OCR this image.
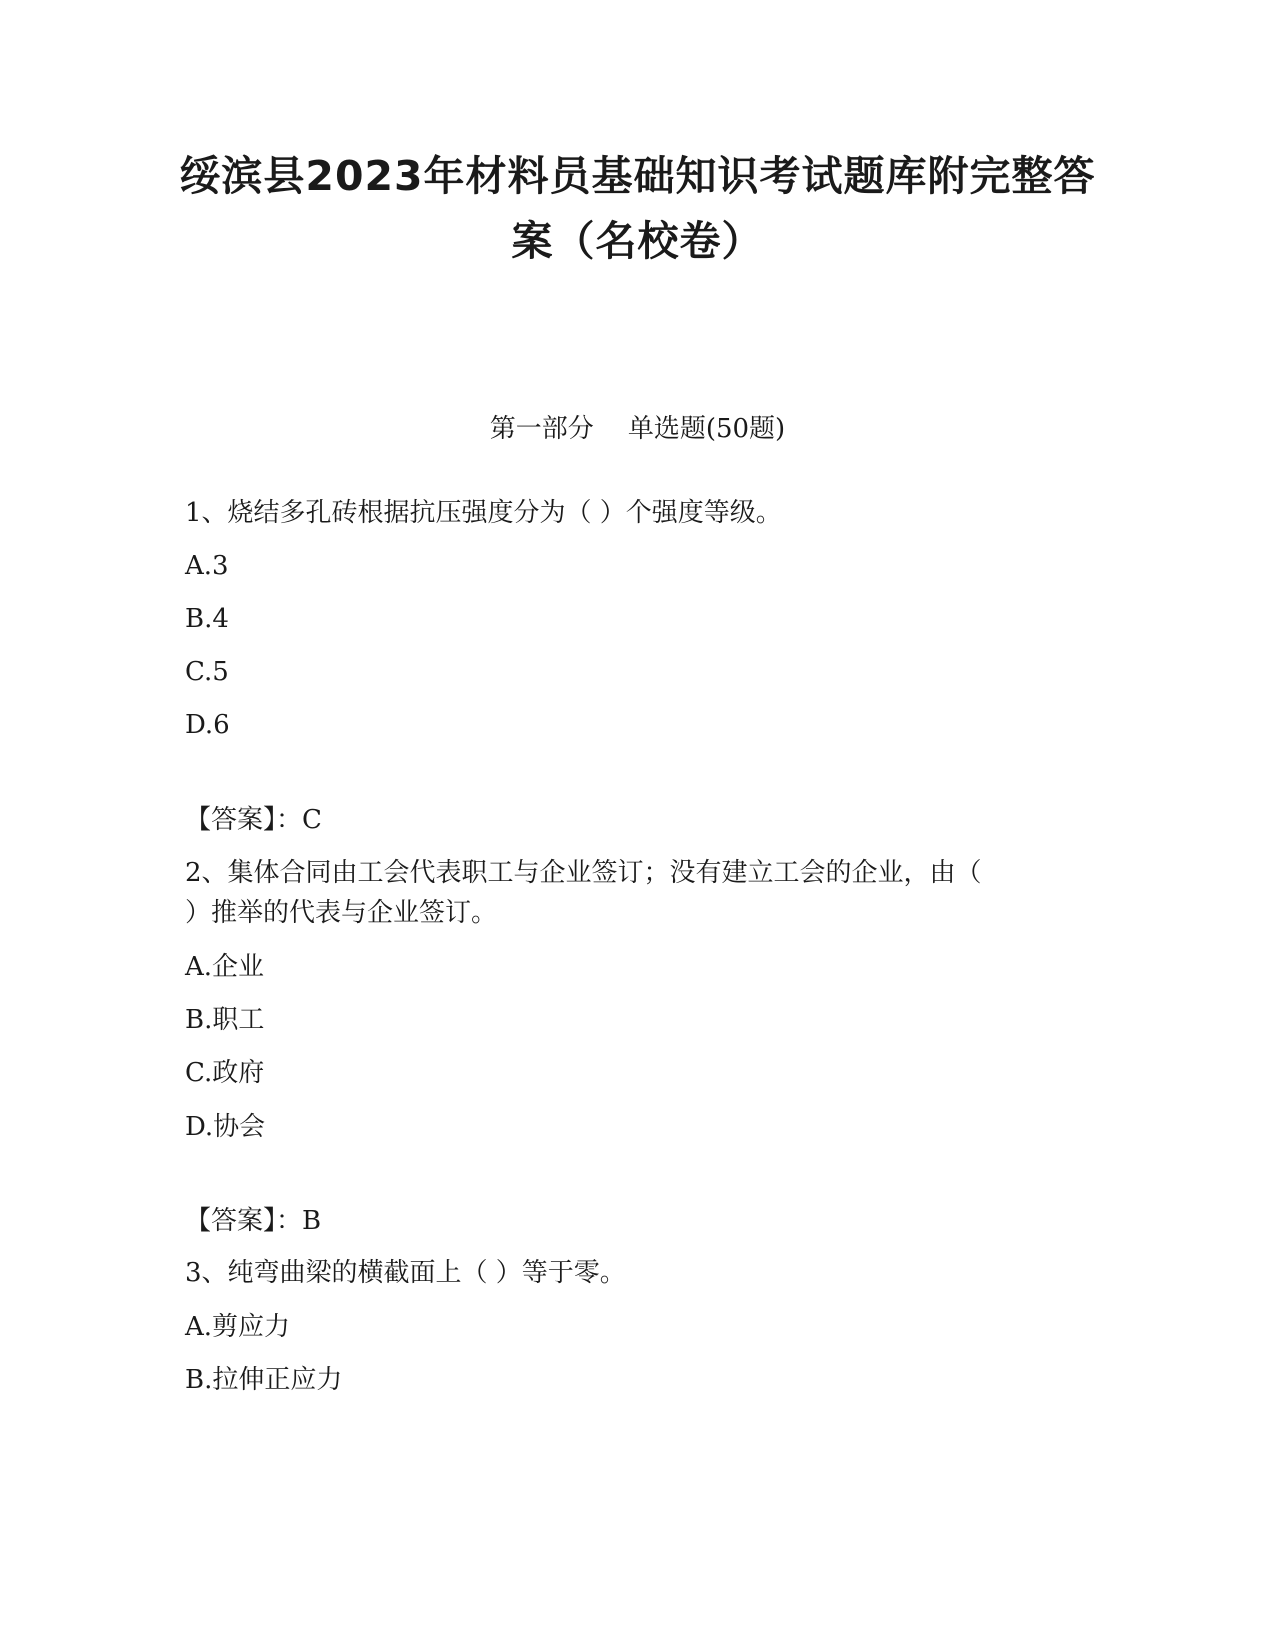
绥滨县2023年材料员基础知识考试题库附完整答
案（名校卷）
第一部分 单选题(50题)
1、烧结多孔砖根据抗压强度分为（ ）个强度等级。
A.3
B.4
C.5
D.6
【答案】：C
2、集体合同由工会代表职工与企业签订；没有建立工会的企业，由（
）推举的代表与企业签订。
A.企业
B.职工
C.政府
D.协会
【答案】：B
3、纯弯曲梁的横截面上（ ）等于零。
A.剪应力
B.拉伸正应力
